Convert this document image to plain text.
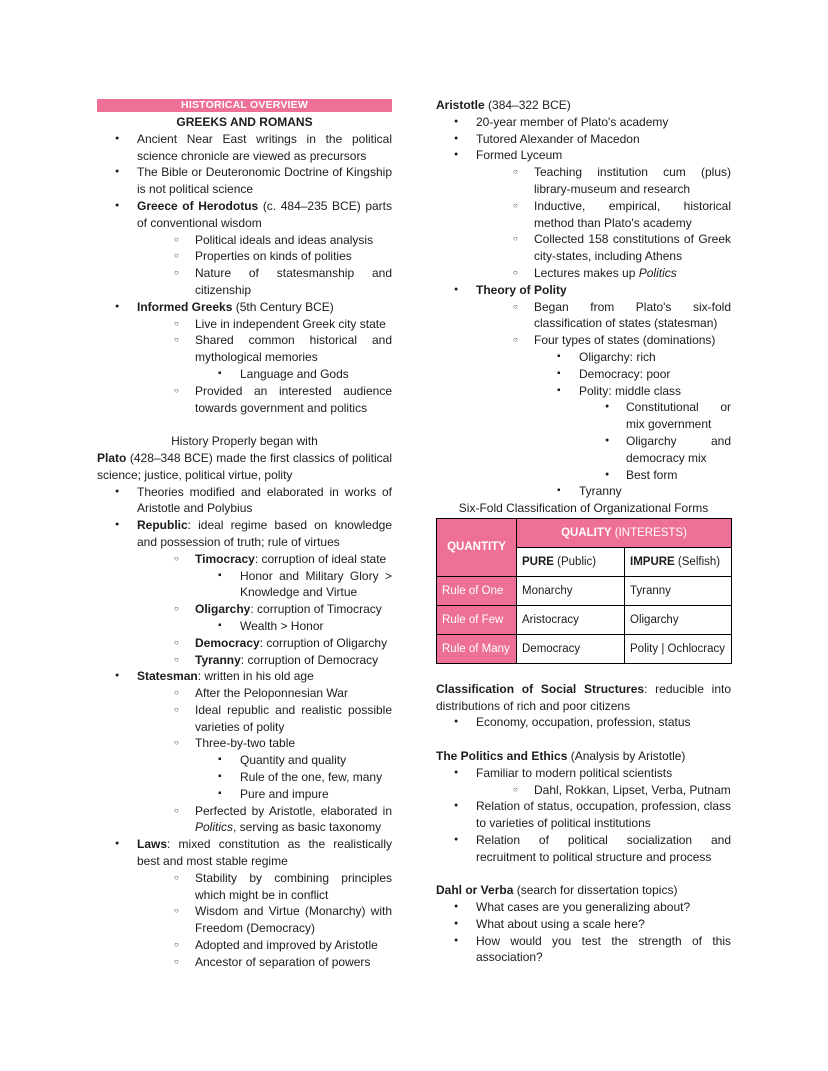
HISTORICAL OVERVIEW
GREEKS AND ROMANS
● Ancient Near East writings in the political science chronicle are viewed as precursors
● The Bible or Deuteronomic Doctrine of Kingship is not political science
● Greece of Herodotus (c. 484–235 BCE) parts of conventional wisdom
○ Political ideals and ideas analysis
○ Properties on kinds of polities
○ Nature of statesmanship and citizenship
● Informed Greeks (5th Century BCE)
○ Live in independent Greek city state
○ Shared common historical and mythological memories
▪ Language and Gods
○ Provided an interested audience towards government and politics
History Properly began with
Plato (428–348 BCE) made the first classics of political science; justice, political virtue, polity
● Theories modified and elaborated in works of Aristotle and Polybius
● Republic: ideal regime based on knowledge and possession of truth; rule of virtues
○ Timocracy: corruption of ideal state
▪ Honor and Military Glory > Knowledge and Virtue
○ Oligarchy: corruption of Timocracy
▪ Wealth > Honor
○ Democracy: corruption of Oligarchy
○ Tyranny: corruption of Democracy
● Statesman: written in his old age
○ After the Peloponnesian War
○ Ideal republic and realistic possible varieties of polity
○ Three-by-two table
▪ Quantity and quality
▪ Rule of the one, few, many
▪ Pure and impure
○ Perfected by Aristotle, elaborated in Politics, serving as basic taxonomy
● Laws: mixed constitution as the realistically best and most stable regime
○ Stability by combining principles which might be in conflict
○ Wisdom and Virtue (Monarchy) with Freedom (Democracy)
○ Adopted and improved by Aristotle
○ Ancestor of separation of powers
Aristotle (384–322 BCE)
● 20-year member of Plato's academy
● Tutored Alexander of Macedon
● Formed Lyceum
○ Teaching institution cum (plus) library-museum and research
○ Inductive, empirical, historical method than Plato's academy
○ Collected 158 constitutions of Greek city-states, including Athens
○ Lectures makes up Politics
● Theory of Polity
○ Began from Plato's six-fold classification of states (statesman)
○ Four types of states (dominations)
▪ Oligarchy: rich
▪ Democracy: poor
▪ Polity: middle class
● Constitutional or mix government
● Oligarchy and democracy mix
● Best form
▪ Tyranny
Six-Fold Classification of Organizational Forms
QUANTITY	QUALITY (INTERESTS)	
	PURE (Public)	IMPURE (Selfish)
Rule of One	Monarchy	Tyranny
Rule of Few	Aristocracy	Oligarchy
Rule of Many	Democracy	Polity | Ochlocracy
Classification of Social Structures: reducible into distributions of rich and poor citizens
● Economy, occupation, profession, status
The Politics and Ethics (Analysis by Aristotle)
● Familiar to modern political scientists
○ Dahl, Rokkan, Lipset, Verba, Putnam
● Relation of status, occupation, profession, class to varieties of political institutions
● Relation of political socialization and recruitment to political structure and process
Dahl or Verba (search for dissertation topics)
● What cases are you generalizing about?
● What about using a scale here?
● How would you test the strength of this association?
